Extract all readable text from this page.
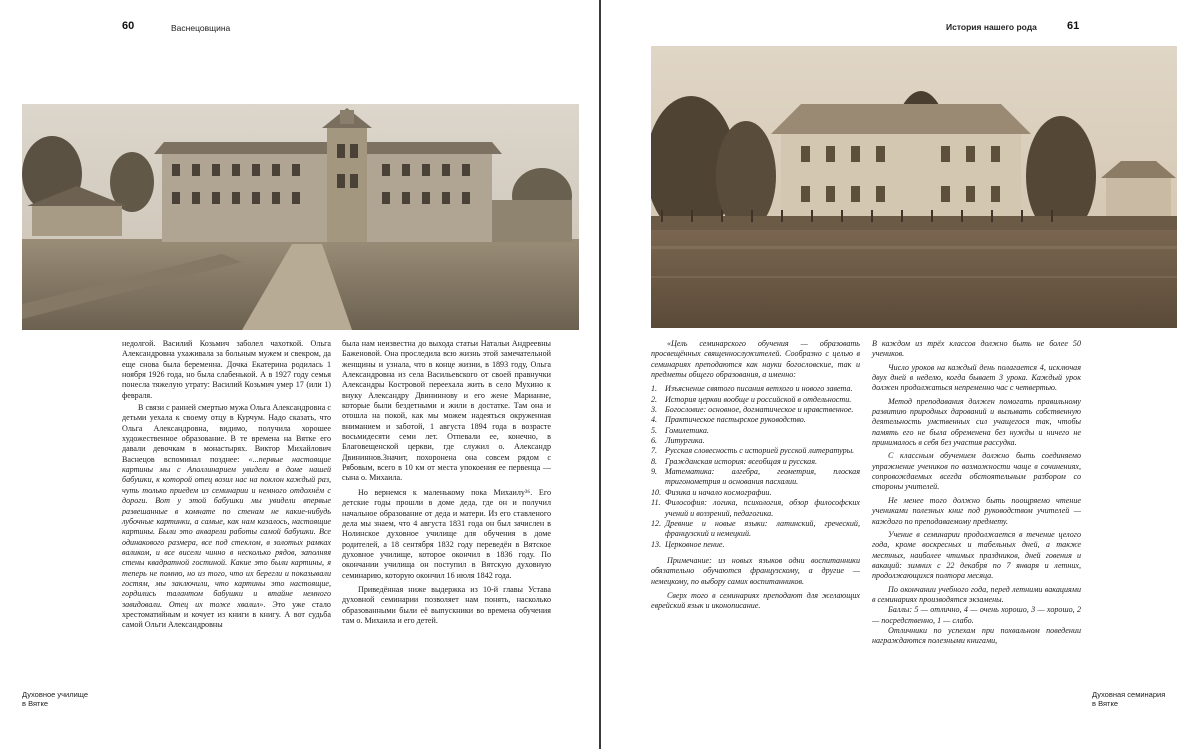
60	Васнецовщина

недолгой. Василий Козьмич заболел чахоткой. Ольга Александровна ухаживала за больным мужем и свекром, да еще снова была беременна. Дочка Екатерина родилась 1 ноября 1926 года, но была слабенькой. А в 1927 году семья понесла тяжелую утрату: Василий Козьмич умер 17 (или 1) февраля.

В связи с ранней смертью мужа Ольга Александровна с детьми уехала к своему отцу в Курчум. Надо сказать, что Ольга Александровна, видимо, получила хорошее художественное образование. В те времена на Вятке его давали девочкам в монастырях. Виктор Михайлович Васнецов вспоминал позднее: «...первые настоящие картины мы с Аполлинарием увидели в доме нашей бабушки, к которой отец возил нас на поклон каждый раз, чуть только приедем из семинарии и немного отдохнём с дороги. Вот у этой бабушки мы увидели впервые развешанные в комнате по стенам не какие-нибудь лубочные картинки, а самые, как нам казалось, настоящие картины. Были это акварели работы самой бабушки. Все одинакового размера, все под стеклом, в золотых рамках валиком, и все висели чинно в несколько рядов, заполняя стены квадратной гостиной. Какие это были картины, я теперь не помню, но из того, что их берегли и показывали гостям, мы заключили, что картины это настоящие, гордились талантом бабушки и втайне немного завидовали. Отец их тоже хвалил». Это уже стало хрестоматийным и кочует из книги в книгу. А вот судьба самой Ольги Александровны

была нам неизвестна до выхода статьи Натальи Андреевны Баженовой. Она проследила всю жизнь этой замечательной женщины и узнала, что в конце жизни, в 1893 году, Ольга Александровна из села Васильевского от своей правнучки Александры Костровой переехала жить в село Мухино к внуку Александру Двининнову и его жене Марианне, которые были бездетными и жили в достатке. Там она и отошла на покой, как мы можем надеяться окруженная вниманием и заботой, 1 августа 1894 года в возрасте восьмидесяти семи лет. Отпевали ее, конечно, в Благовещенской церкви, где служил о. Александр Двининнов.Значит, похоронена она совсем рядом с Рябовым, всего в 10 км от места упокоения ее первенца — сына о. Михаила.

Но вернемся к маленькому пока Михаилу³⁶. Его детские годы прошли в доме деда, где он и получил начальное образование от деда и матери. Из его ставленого дела мы знаем, что 4 августа 1831 года он был зачислен в Нолинское духовное училище для обучения в доме родителей, а 18 сентября 1832 году переведён в Вятское духовное училище, которое окончил в 1836 году. По окончании училища он поступил в Вятскую духовную семинарию, которую окончил 16 июля 1842 года.

Приведённая ниже выдержка из 10-й главы Устава духовной семинарии позволяет нам понять, насколько образованными были её выпускники во времена обучения там о. Михаила и его детей.

Духовное училище
в Вятке
История нашего рода	61

«Цель семинарского обучения — образовать просвещённых священнослужителей. Сообразно с целью в семинариях преподаются как науки богословские, так и предметы общего образования, а именно:

1. Изъяснение святого писания ветхого и нового завета.
2. История церкви вообще и российской в отдельности.
3. Богословие: основное, догматическое и нравственное.
4. Практическое пастырское руководство.
5. Гомилетика.
6. Литургика.
7. Русская словесность с историей русской литературы.
8. Гражданская история: всеобщая и русская.
9. Математика: алгебра, геометрия, плоская тригонометрия и основания пасхалии.
10. Физика и начало космографии.
11. Философия: логика, психология, обзор философских учений и воззрений, педагогика.
12. Древние и новые языки: латинский, греческий, французский и немецкий.
13. Церковное пение.

Примечание: из новых языков одни воспитанники обязательно обучаются французскому, а другие — немецкому, по выбору самих воспитанников.

Сверх того в семинариях преподают для желающих еврейский язык и иконописание.

В каждом из трёх классов должно быть не более 50 учеников.

Число уроков на каждый день полагается 4, исключая двух дней в неделю, когда бывает 3 урока. Каждый урок должен продолжаться непременно час с четвертью.

Метод преподавания должен помогать правильному развитию природных дарований и вызывать собственную деятельность умственных сил учащегося так, чтобы память его не была обременена без нужды и ничего не принималось в себя без участия рассудка.

С классным обучением должно быть соединяемо упражнение учеников по возможности чаще в сочинениях, сопровождаемых всегда обстоятельным разбором со стороны учителей.

Не менее того должно быть поощряемо чтение учениками полезных книг под руководством учителей — каждого по преподаваемому предмету.

Учение в семинарии продолжается в течение целого года, кроме воскресных и табельных дней, а также местных, наиболее чтимых праздников, дней говения и вакаций: зимних с 22 декабря по 7 января и летних, продолжающихся полтора месяца.

По окончании учебного года, перед летними вакациями в семинариях производятся экзамены.

Баллы: 5 — отлично, 4 — очень хорошо, 3 — хорошо, 2 — посредственно, 1 — слабо.

Отличники по успехам при похвальном поведении награждаются полезными книгами,

Духовная семинария
в Вятке
